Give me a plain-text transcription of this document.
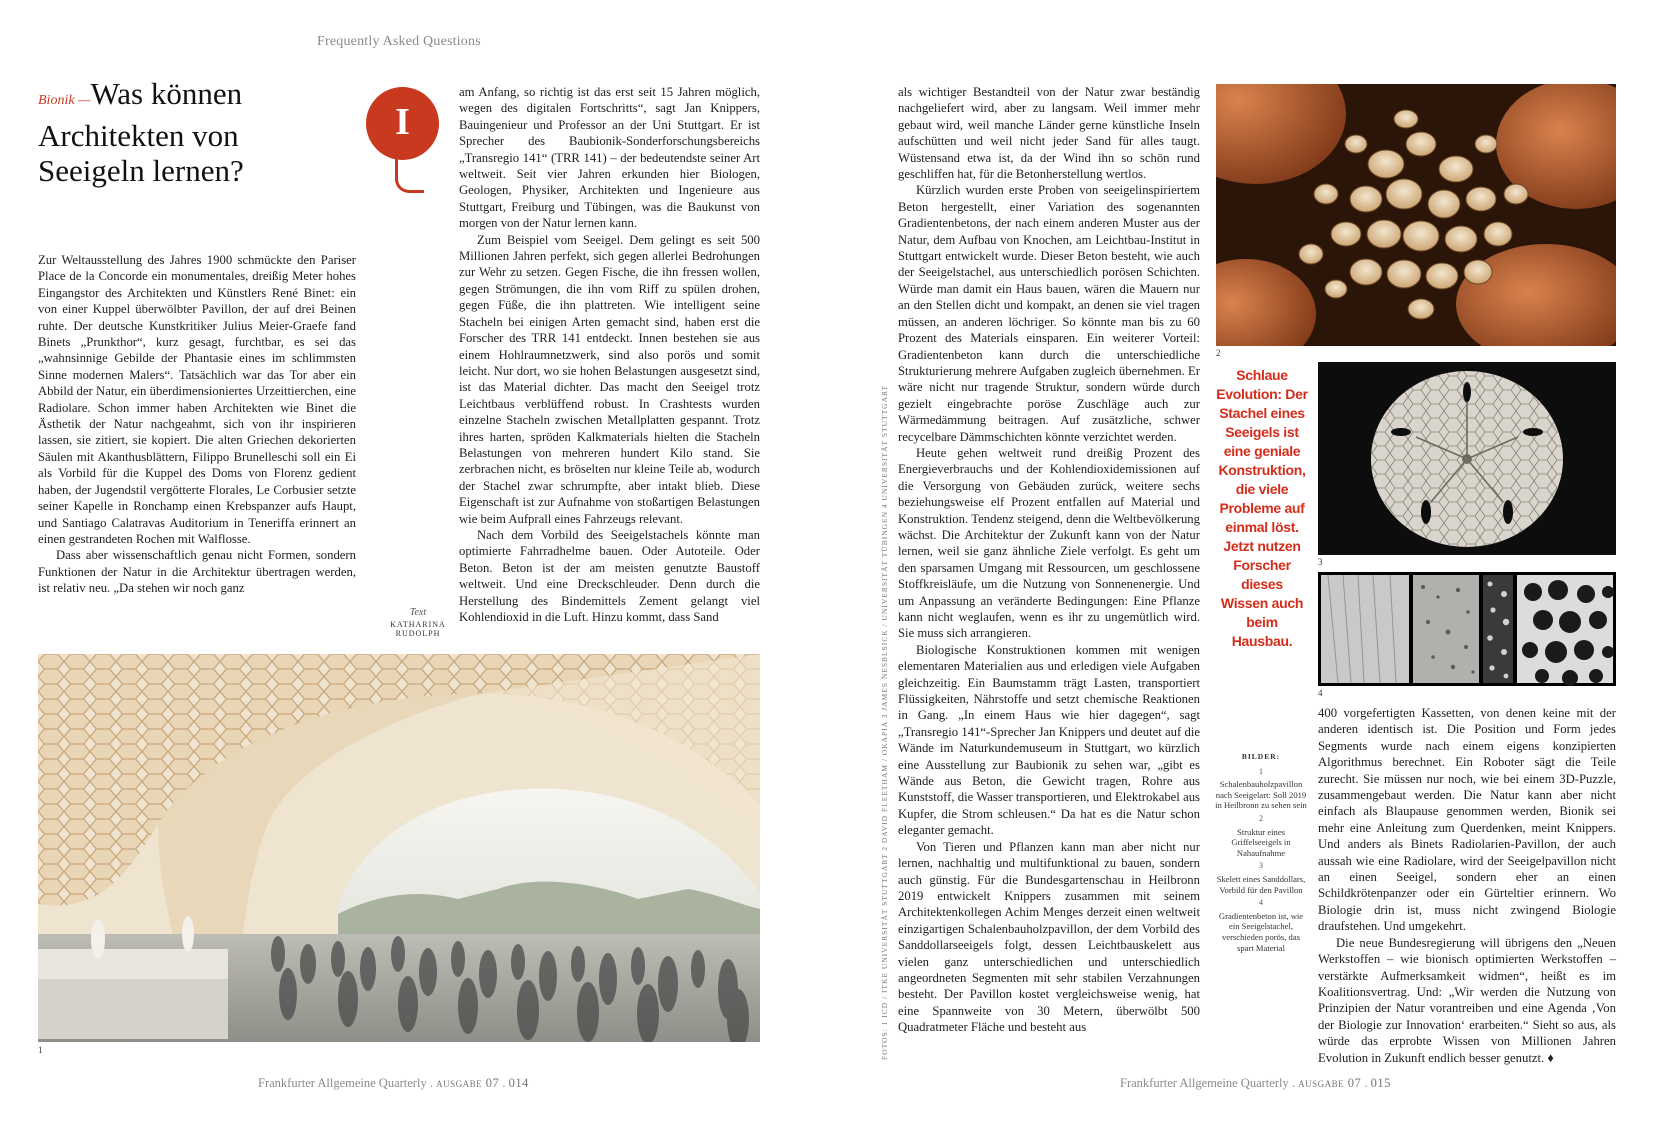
Frequently Asked Questions
Bionik —Was können Architekten von Seeigeln lernen?
I

Zur Weltausstellung des Jahres 1900 schmückte den Pariser Place de la Concorde ein monumentales, dreißig Meter hohes Eingangstor des Architekten und Künstlers René Binet: ein von einer Kuppel überwölbter Pavillon, der auf drei Beinen ruhte. Der deutsche Kunstkritiker Julius Meier-Graefe fand Binets „Prunkthor“, kurz gesagt, furchtbar, es sei das „wahnsinnige Gebilde der Phantasie eines im schlimmsten Sinne modernen Malers“. Tatsächlich war das Tor aber ein Abbild der Natur, ein überdimensioniertes Urzeittierchen, eine Radiolare. Schon immer haben Architekten wie Binet die Ästhetik der Natur nachgeahmt, sich von ihr inspirieren lassen, sie zitiert, sie kopiert. Die alten Griechen dekorierten Säulen mit Akanthusblättern, Filippo Brunelleschi soll ein Ei als Vorbild für die Kuppel des Doms von Florenz gedient haben, der Jugendstil vergötterte Florales, Le Corbusier setzte seiner Kapelle in Ronchamp einen Krebspanzer aufs Haupt, und Santiago Calatravas Auditorium in Teneriffa erinnert an einen gestrandeten Rochen mit Walflosse.

Dass aber wissenschaftlich genau nicht Formen, sondern Funktionen der Natur in die Architektur übertragen werden, ist relativ neu. „Da stehen wir noch ganz

Text
KATHARINA RUDOLPH

am Anfang, so richtig ist das erst seit 15 Jahren möglich, wegen des digitalen Fortschritts“, sagt Jan Knippers, Bauingenieur und Professor an der Uni Stuttgart. Er ist Sprecher des Baubionik-Sonderforschungsbereichs „Transregio 141“ (TRR 141) – der bedeutendste seiner Art weltweit. Seit vier Jahren erkunden hier Biologen, Geologen, Physiker, Architekten und Ingenieure aus Stuttgart, Freiburg und Tübingen, was die Baukunst von morgen von der Natur lernen kann.

Zum Beispiel vom Seeigel. Dem gelingt es seit 500 Millionen Jahren perfekt, sich gegen allerlei Bedrohungen zur Wehr zu setzen. Gegen Fische, die ihn fressen wollen, gegen Strömungen, die ihn vom Riff zu spülen drohen, gegen Füße, die ihn plattreten. Wie intelligent seine Stacheln bei einigen Arten gemacht sind, haben erst die Forscher des TRR 141 entdeckt. Innen bestehen sie aus einem Hohlraumnetzwerk, sind also porös und somit leicht. Nur dort, wo sie hohen Belastungen ausgesetzt sind, ist das Material dichter. Das macht den Seeigel trotz Leichtbaus verblüffend robust. In Crashtests wurden einzelne Stacheln zwischen Metallplatten gespannt. Trotz ihres harten, spröden Kalkmaterials hielten die Stacheln Belastungen von mehreren hundert Kilo stand. Sie zerbrachen nicht, es bröselten nur kleine Teile ab, wodurch der Stachel zwar schrumpfte, aber intakt blieb. Diese Eigenschaft ist zur Aufnahme von stoßartigen Belastungen wie beim Aufprall eines Fahrzeugs relevant.

Nach dem Vorbild des Seeigelstachels könnte man optimierte Fahrradhelme bauen. Oder Autoteile. Oder Beton. Beton ist der am meisten genutzte Baustoff weltweit. Und eine Dreckschleuder. Denn durch die Herstellung des Bindemittels Zement gelangt viel Kohlendioxid in die Luft. Hinzu kommt, dass Sand

1
Frankfurter Allgemeine Quarterly . ausgabe 07 . 014
FOTOS: 1 ICD / ITKE UNIVERSITÄT STUTTGART 2 DAVID FLEETHAM / OKAPIA 3 JAMES NESBLSICK / UNIVERSITÄT TÜBINGEN 4 UNIVERSITÄT STUTTGART

als wichtiger Bestandteil von der Natur zwar beständig nachgeliefert wird, aber zu langsam. Weil immer mehr gebaut wird, weil manche Länder gerne künstliche Inseln aufschütten und weil nicht jeder Sand für alles taugt. Wüstensand etwa ist, da der Wind ihn so schön rund geschliffen hat, für die Betonherstellung wertlos.

Kürzlich wurden erste Proben von seeigelinspiriertem Beton hergestellt, einer Variation des sogenannten Gradientenbetons, der nach einem anderen Muster aus der Natur, dem Aufbau von Knochen, am Leichtbau-Institut in Stuttgart entwickelt wurde. Dieser Beton besteht, wie auch der Seeigelstachel, aus unterschiedlich porösen Schichten. Würde man damit ein Haus bauen, wären die Mauern nur an den Stellen dicht und kompakt, an denen sie viel tragen müssen, an anderen löchriger. So könnte man bis zu 60 Prozent des Materials einsparen. Ein weiterer Vorteil: Gradientenbeton kann durch die unterschiedliche Strukturierung mehrere Aufgaben zugleich übernehmen. Er wäre nicht nur tragende Struktur, sondern würde durch gezielt eingebrachte poröse Zuschläge auch zur Wärmedämmung beitragen. Auf zusätzliche, schwer recycelbare Dämmschichten könnte verzichtet werden.

Heute gehen weltweit rund dreißig Prozent des Energieverbrauchs und der Kohlendioxidemissionen auf die Versorgung von Gebäuden zurück, weitere sechs beziehungsweise elf Prozent entfallen auf Material und Konstruktion. Tendenz steigend, denn die Weltbevölkerung wächst. Die Architektur der Zukunft kann von der Natur lernen, weil sie ganz ähnliche Ziele verfolgt. Es geht um den sparsamen Umgang mit Ressourcen, um geschlossene Stoffkreisläufe, um die Nutzung von Sonnenenergie. Und um Anpassung an veränderte Bedingungen: Eine Pflanze kann nicht weglaufen, wenn es ihr zu ungemütlich wird. Sie muss sich arrangieren.

Biologische Konstruktionen kommen mit wenigen elementaren Materialien aus und erledigen viele Aufgaben gleichzeitig. Ein Baumstamm trägt Lasten, transportiert Flüssigkeiten, Nährstoffe und setzt chemische Reaktionen in Gang. „In einem Haus wie hier dagegen“, sagt „Transregio 141“-Sprecher Jan Knippers und deutet auf die Wände im Naturkundemuseum in Stuttgart, wo kürzlich eine Ausstellung zur Baubionik zu sehen war, „gibt es Wände aus Beton, die Gewicht tragen, Rohre aus Kunststoff, die Wasser transportieren, und Elektrokabel aus Kupfer, die Strom schleusen.“ Da hat es die Natur schon eleganter gemacht.

Von Tieren und Pflanzen kann man aber nicht nur lernen, nachhaltig und multifunktional zu bauen, sondern auch günstig. Für die Bundesgartenschau in Heilbronn 2019 entwickelt Knippers zusammen mit seinem Architektenkollegen Achim Menges derzeit einen weltweit einzigartigen Schalenbauholzpavillon, der dem Vorbild des Sanddollarseeigels folgt, dessen Leichtbauskelett aus vielen ganz unterschiedlichen und unterschiedlich angeordneten Segmenten mit sehr stabilen Verzahnungen besteht. Der Pavillon kostet vergleichsweise wenig, hat eine Spannweite von 30 Metern, überwölbt 500 Quadratmeter Fläche und besteht aus

2
Schlaue Evolution: Der Stachel eines Seeigels ist eine geniale Konstruktion, die viele Probleme auf einmal löst. Jetzt nutzen Forscher dieses Wissen auch beim Hausbau.
3
4
BILDER:
1
Schalenbauholzpavillon nach Seeigelart: Soll 2019 in Heilbronn zu sehen sein
2
Struktur eines Griffelseeigels in Nahaufnahme
3
Skelett eines Sanddollars, Vorbild für den Pavillon
4
Gradientenbeton ist, wie ein Seeigelstachel, verschieden porös, das spart Material

400 vorgefertigten Kassetten, von denen keine mit der anderen identisch ist. Die Position und Form jedes Segments wurde nach einem eigens konzipierten Algorithmus berechnet. Ein Roboter sägt die Teile zurecht. Sie müssen nur noch, wie bei einem 3D-Puzzle, zusammengebaut werden. Die Natur kann aber nicht einfach als Blaupause genommen werden, Bionik sei mehr eine Anleitung zum Querdenken, meint Knippers. Und anders als Binets Radiolarien-Pavillon, der auch aussah wie eine Radiolare, wird der Seeigelpavillon nicht an einen Seeigel, sondern eher an einen Schildkrötenpanzer oder ein Gürteltier erinnern. Wo Biologie drin ist, muss nicht zwingend Biologie draufstehen. Und umgekehrt.

Die neue Bundesregierung will übrigens den „Neuen Werkstoffen – wie bionisch optimierten Werkstoffen – verstärkte Aufmerksamkeit widmen“, heißt es im Koalitionsvertrag. Und: „Wir werden die Nutzung von Prinzipien der Natur vorantreiben und eine Agenda ‚Von der Biologie zur Innovation‘ erarbeiten.“ Sieht so aus, als würde das erprobte Wissen von Millionen Jahren Evolution in Zukunft endlich besser genutzt. ♦

Frankfurter Allgemeine Quarterly . ausgabe 07 . 015
